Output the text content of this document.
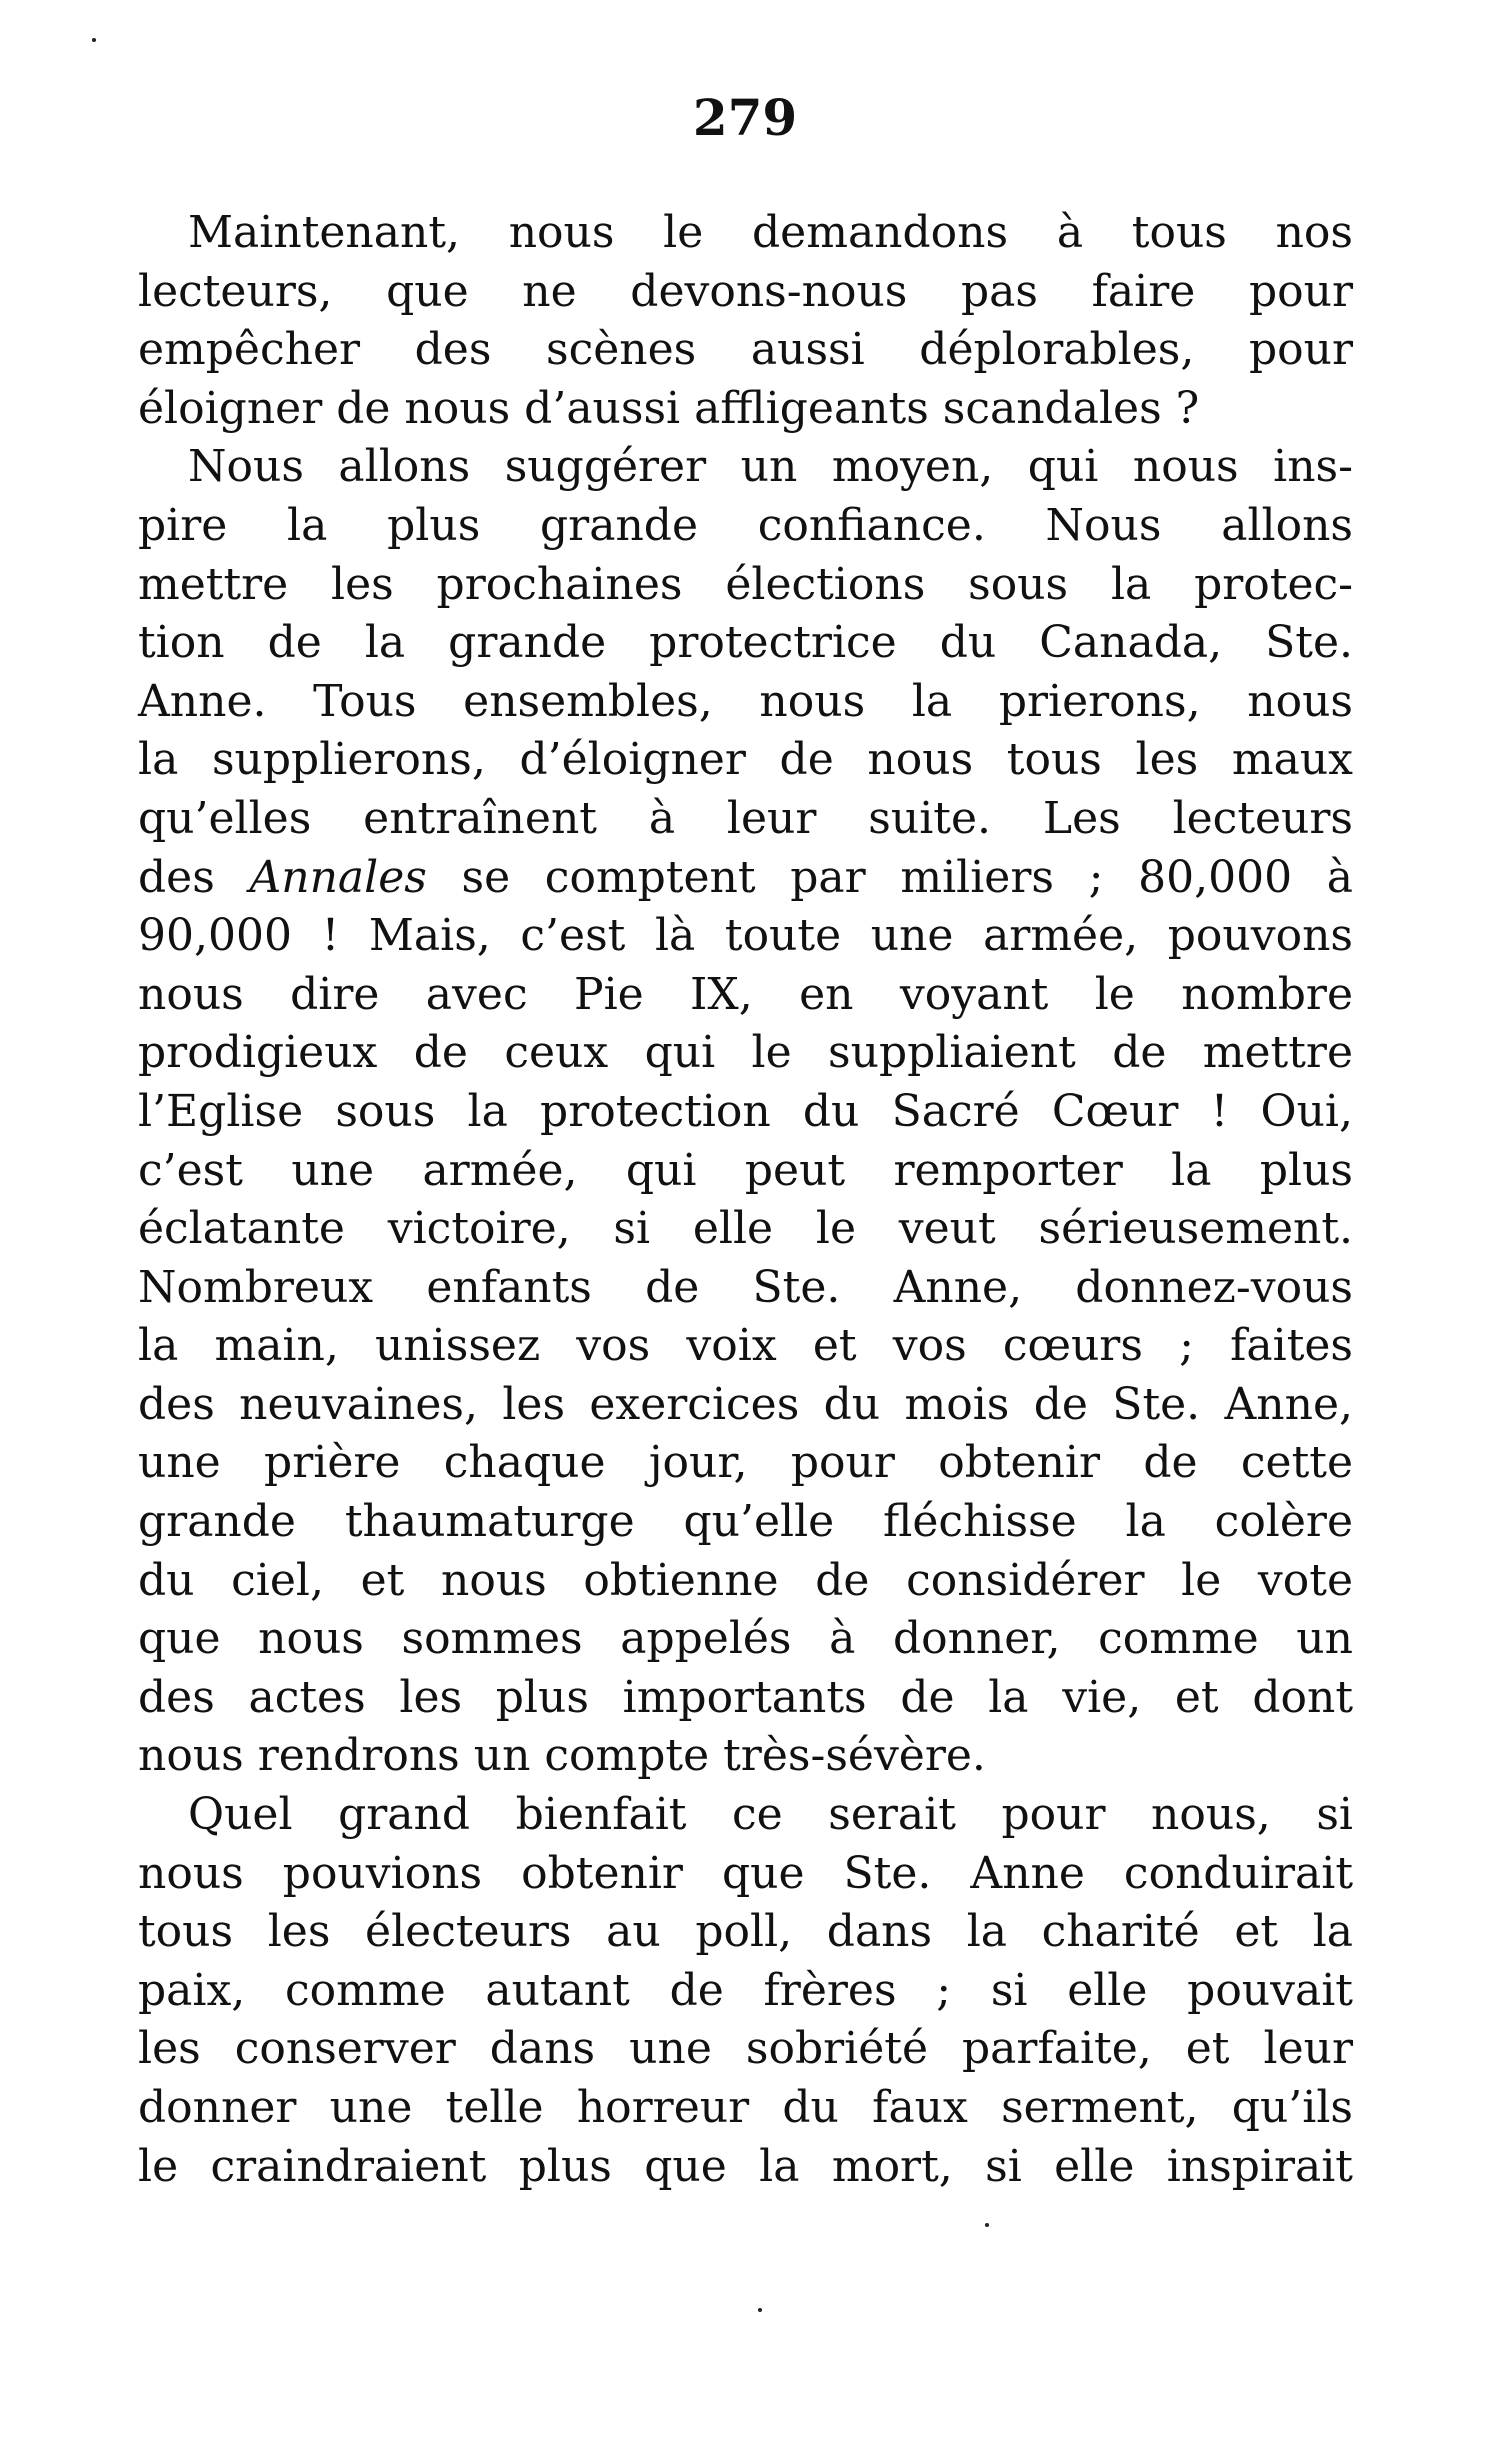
279
Maintenant, nous le demandons à tous nos
lecteurs, que ne devons-nous pas faire pour
empêcher des scènes aussi déplorables, pour
éloigner de nous d’aussi affligeants scandales ?
Nous allons suggérer un moyen, qui nous ins-
pire la plus grande confiance. Nous allons
mettre les prochaines élections sous la protec-
tion de la grande protectrice du Canada, Ste.
Anne. Tous ensembles, nous la prierons, nous
la supplierons, d’éloigner de nous tous les maux
qu’elles entraînent à leur suite. Les lecteurs
des Annales se comptent par miliers ; 80,000 à
90,000 ! Mais, c’est là toute une armée, pouvons
nous dire avec Pie IX, en voyant le nombre
prodigieux de ceux qui le suppliaient de mettre
l’Eglise sous la protection du Sacré Cœur ! Oui,
c’est une armée, qui peut remporter la plus
éclatante victoire, si elle le veut sérieusement.
Nombreux enfants de Ste. Anne, donnez-vous
la main, unissez vos voix et vos cœurs ; faites
des neuvaines, les exercices du mois de Ste. Anne,
une prière chaque jour, pour obtenir de cette
grande thaumaturge qu’elle fléchisse la colère
du ciel, et nous obtienne de considérer le vote
que nous sommes appelés à donner, comme un
des actes les plus importants de la vie, et dont
nous rendrons un compte très-sévère.
Quel grand bienfait ce serait pour nous, si
nous pouvions obtenir que Ste. Anne conduirait
tous les électeurs au poll, dans la charité et la
paix, comme autant de frères ; si elle pouvait
les conserver dans une sobriété parfaite, et leur
donner une telle horreur du faux serment, qu’ils
le craindraient plus que la mort, si elle inspirait
